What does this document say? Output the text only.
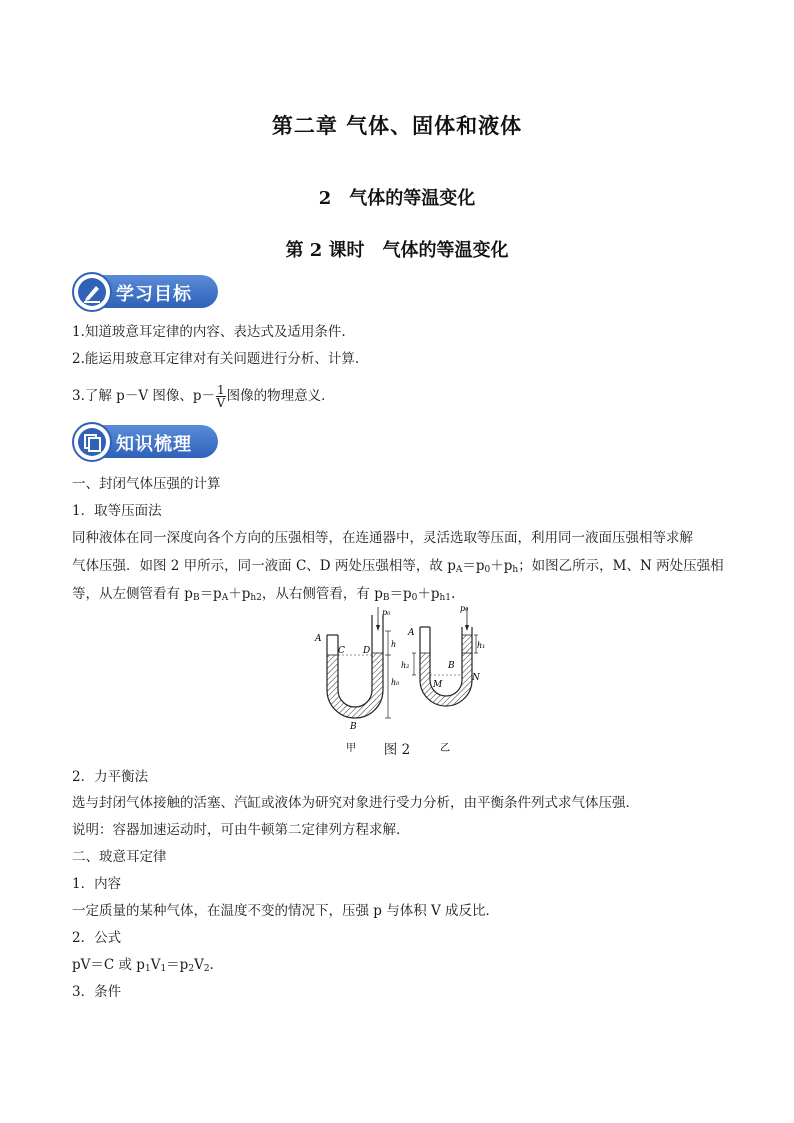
第二章 气体、固体和液体
2　气体的等温变化
第 2 课时　气体的等温变化
学习目标
1.知道玻意耳定律的内容、表达式及适用条件.
2.能运用玻意耳定律对有关问题进行分析、计算.
3.了解 p－V 图像、$p- \frac{1}{V}$ 图像的物理意义．
知识梳理
一、封闭气体压强的计算
1．取等压面法
同种液体在同一深度向各个方向的压强相等，在连通器中，灵活选取等压面，利用同一液面压强相等求解
气体压强．如图 2 甲所示，同一液面 C、D 两处压强相等，故 $p_A=p_0+p_h$；如图乙所示，M、N 两处压强相
等，从左侧管看有 $p_B=p_A+p_{h2}$，从右侧管看，有 $p_B=p_0+p_{h1}$.
A
C D
p₀
h
h₀
B
甲
A
p₀
h₁
h₂	B
M
N
乙
图 2
2．力平衡法
选与封闭气体接触的活塞、汽缸或液体为研究对象进行受力分析，由平衡条件列式求气体压强．
说明：容器加速运动时，可由牛顿第二定律列方程求解．
二、玻意耳定律
1．内容
一定质量的某种气体，在温度不变的情况下，压强 p 与体积 V 成反比．
2．公式
pV＝C 或 $p_1V_1=p_2V_2$.
3．条件
